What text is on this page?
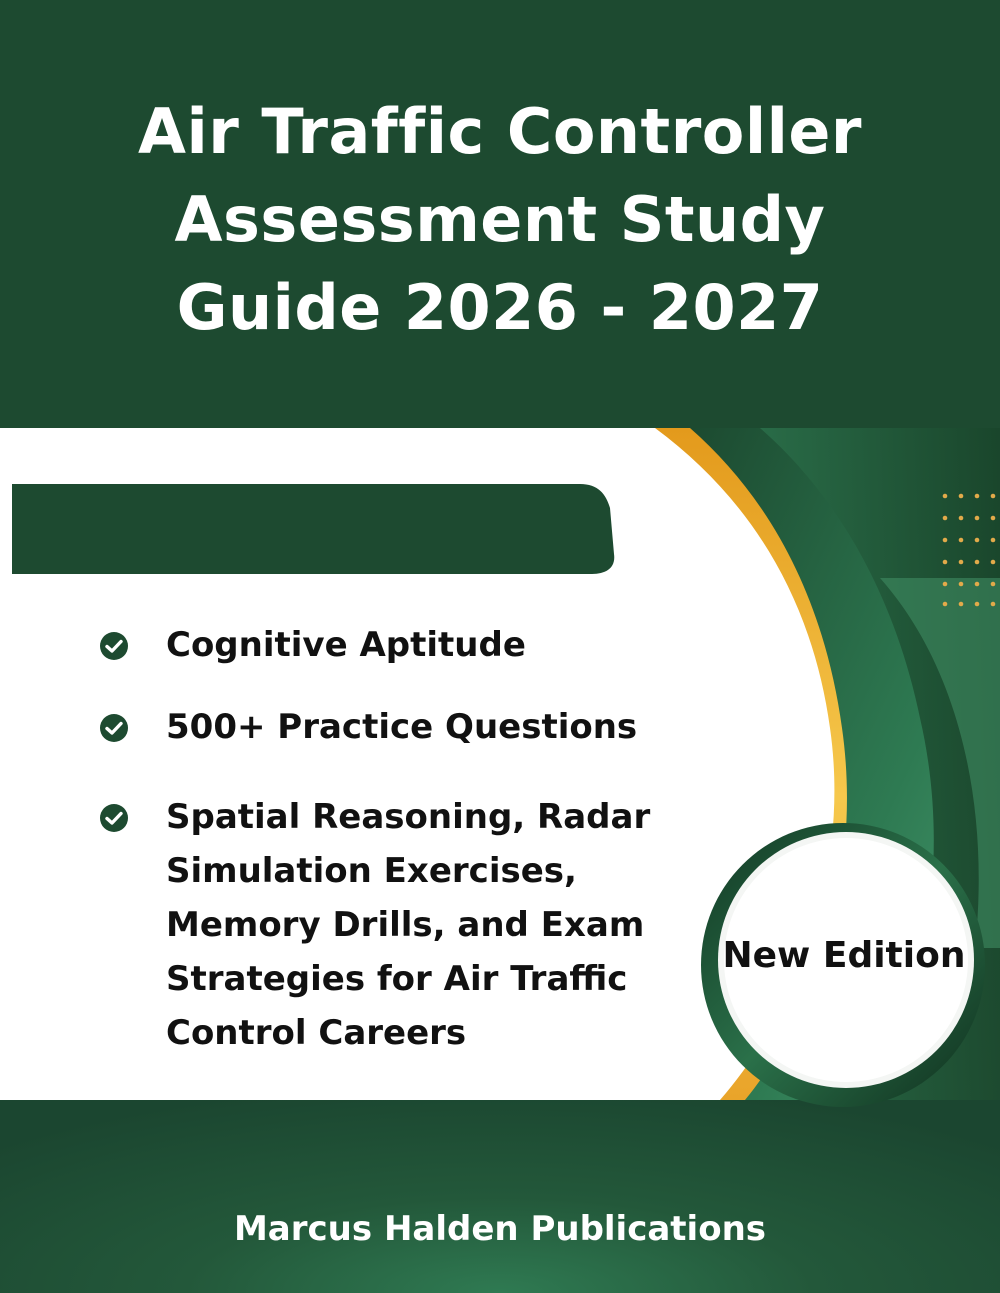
Air Traffic Controller
Assessment Study
Guide 2026 - 2027
Cognitive Aptitude
500+ Practice Questions
Spatial Reasoning, Radar Simulation Exercises, Memory Drills, and Exam Strategies for Air Traffic Control Careers
New Edition
Marcus Halden Publications
